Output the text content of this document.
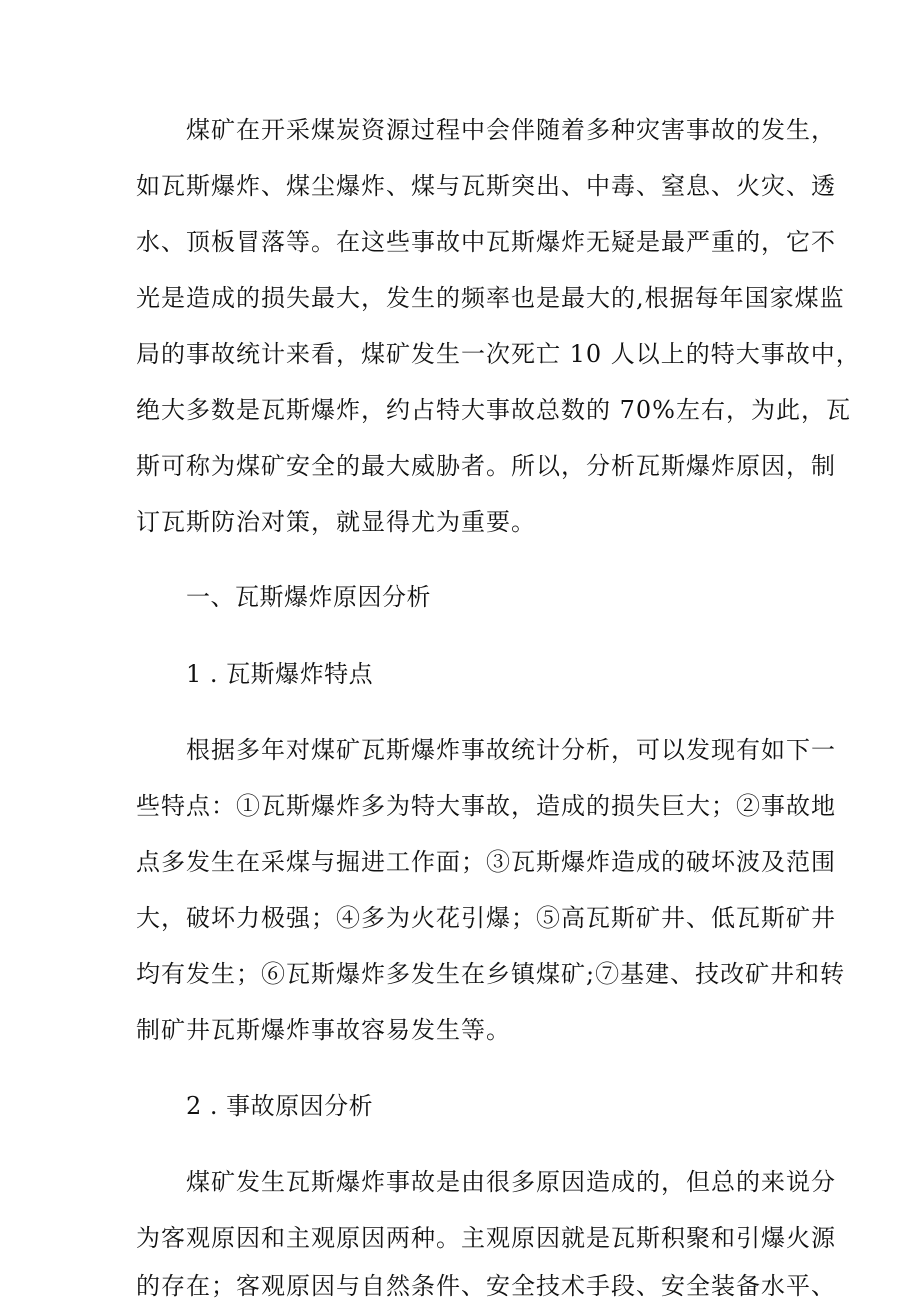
煤矿在开采煤炭资源过程中会伴随着多种灾害事故的发生，
如瓦斯爆炸、煤尘爆炸、煤与瓦斯突出、中毒、窒息、火灾、透
水、顶板冒落等。在这些事故中瓦斯爆炸无疑是最严重的，它不
光是造成的损失最大，发生的频率也是最大的,根据每年国家煤监
局的事故统计来看，煤矿发生一次死亡 10 人以上的特大事故中，
绝大多数是瓦斯爆炸，约占特大事故总数的 70%左右，为此，瓦
斯可称为煤矿安全的最大威胁者。所以，分析瓦斯爆炸原因，制
订瓦斯防治对策，就显得尤为重要。
一、瓦斯爆炸原因分析
1 . 瓦斯爆炸特点
根据多年对煤矿瓦斯爆炸事故统计分析，可以发现有如下一
些特点：①瓦斯爆炸多为特大事故，造成的损失巨大；②事故地
点多发生在采煤与掘进工作面；③瓦斯爆炸造成的破坏波及范围
大，破坏力极强；④多为火花引爆；⑤高瓦斯矿井、低瓦斯矿井
均有发生；⑥瓦斯爆炸多发生在乡镇煤矿;⑦基建、技改矿井和转
制矿井瓦斯爆炸事故容易发生等。
2 . 事故原因分析
煤矿发生瓦斯爆炸事故是由很多原因造成的，但总的来说分
为客观原因和主观原因两种。主观原因就是瓦斯积聚和引爆火源
的存在；客观原因与自然条件、安全技术手段、安全装备水平、
